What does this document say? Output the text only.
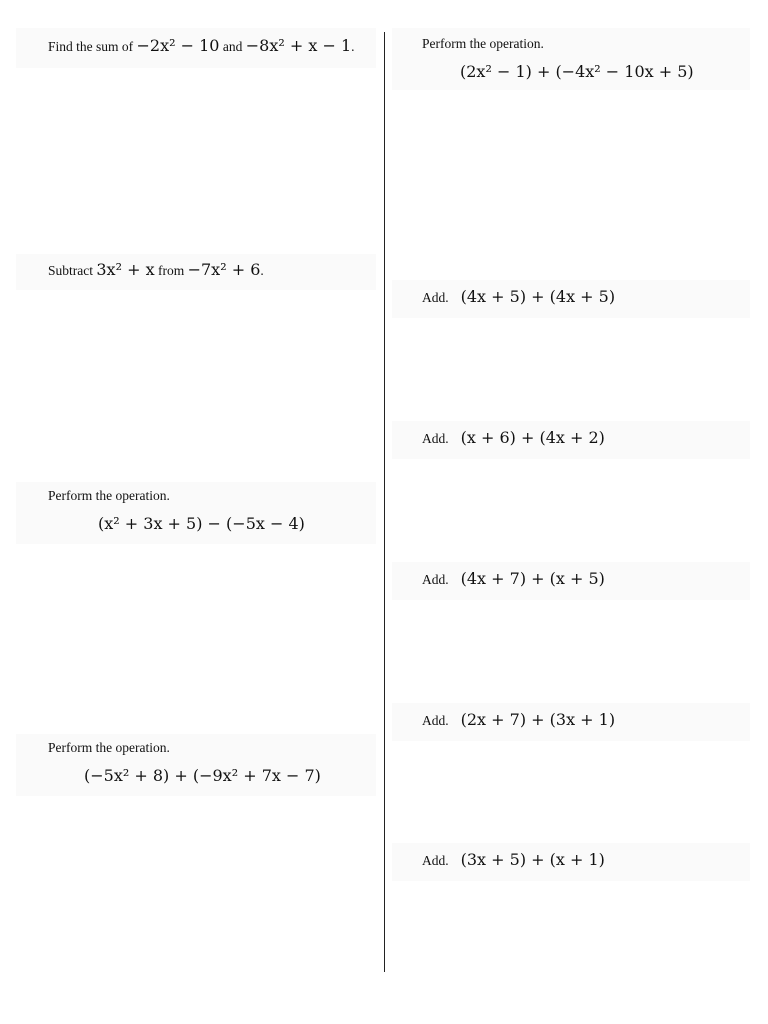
Find the sum of −2x² − 10 and −8x² + x − 1.
Subtract 3x² + x from −7x² + 6.
Perform the operation.
(x² + 3x + 5) − (−5x − 4)
Perform the operation.
(−5x² + 8) + (−9x² + 7x − 7)
Perform the operation.
(2x² − 1) + (−4x² − 10x + 5)
Add. (4x + 5) + (4x + 5)
Add. (x + 6) + (4x + 2)
Add. (4x + 7) + (x + 5)
Add. (2x + 7) + (3x + 1)
Add. (3x + 5) + (x + 1)
